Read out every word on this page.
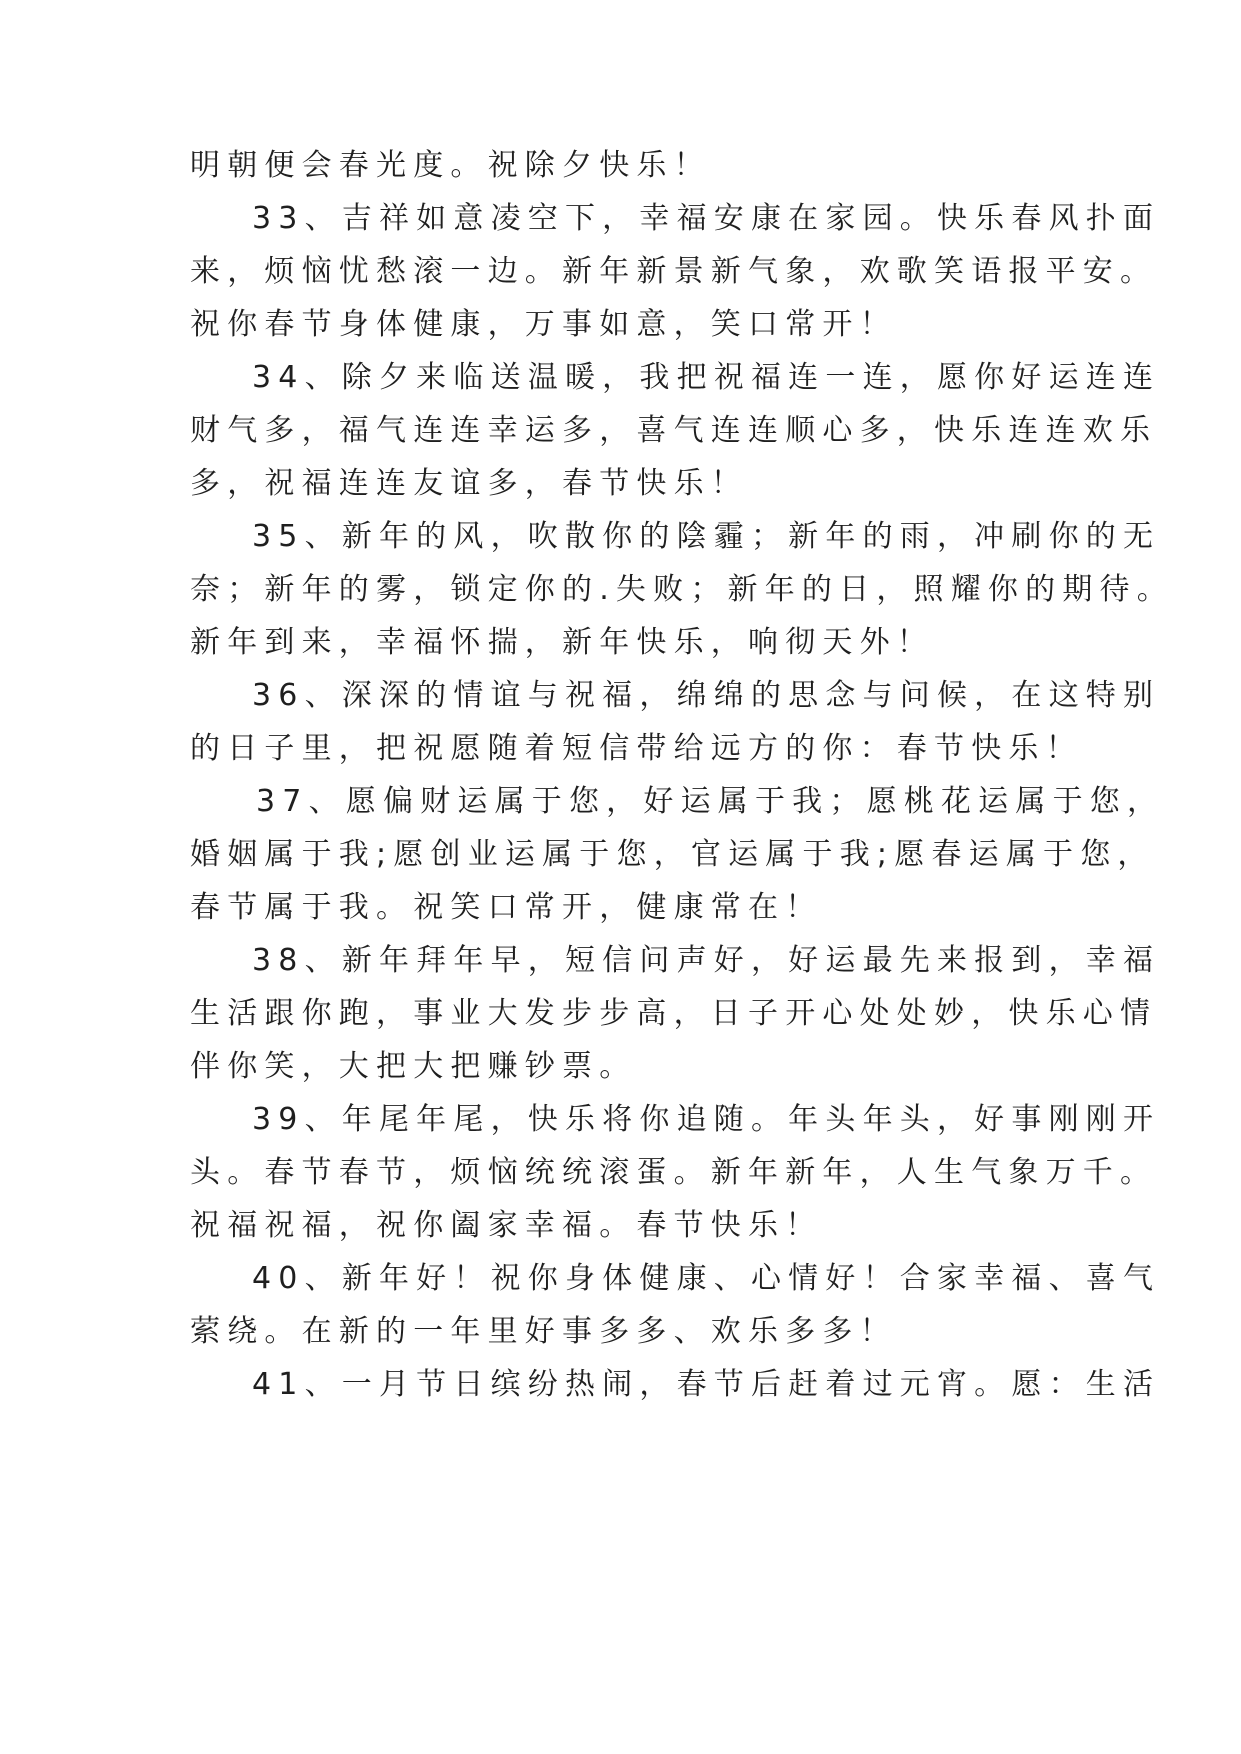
明朝便会春光度。祝除夕快乐！
33、吉祥如意凌空下，幸福安康在家园。快乐春风扑面
来，烦恼忧愁滚一边。新年新景新气象，欢歌笑语报平安。
祝你春节身体健康，万事如意，笑口常开！
34、除夕来临送温暖，我把祝福连一连，愿你好运连连
财气多，福气连连幸运多，喜气连连顺心多，快乐连连欢乐
多，祝福连连友谊多，春节快乐！
35、新年的风，吹散你的陰霾；新年的雨，冲刷你的无
奈；新年的雾，锁定你的.失败；新年的日，照耀你的期待。
新年到来，幸福怀揣，新年快乐，响彻天外！
36、深深的情谊与祝福，绵绵的思念与问候，在这特别
的日子里，把祝愿随着短信带给远方的你：春节快乐！
37、愿偏财运属于您，好运属于我；愿桃花运属于您，
婚姻属于我;愿创业运属于您，官运属于我;愿春运属于您，
春节属于我。祝笑口常开，健康常在！
38、新年拜年早，短信问声好，好运最先来报到，幸福
生活跟你跑，事业大发步步高，日子开心处处妙，快乐心情
伴你笑，大把大把赚钞票。
39、年尾年尾，快乐将你追随。年头年头，好事刚刚开
头。春节春节，烦恼统统滚蛋。新年新年，人生气象万千。
祝福祝福，祝你阖家幸福。春节快乐！
40、新年好！祝你身体健康、心情好！合家幸福、喜气
萦绕。在新的一年里好事多多、欢乐多多！
41、一月节日缤纷热闹，春节后赶着过元宵。愿：生活
